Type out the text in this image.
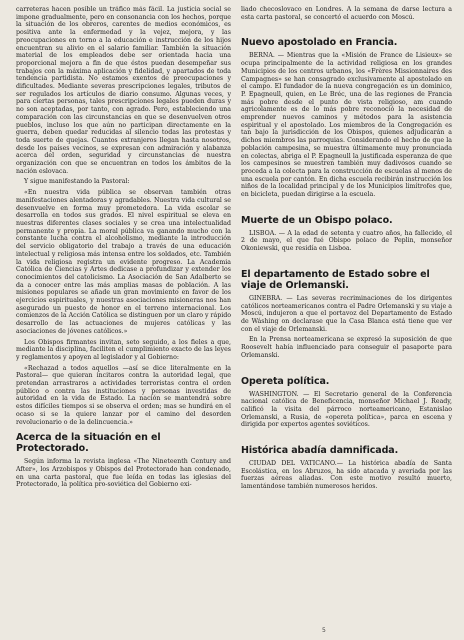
carreteras hacen posible un tráfico más fácil. La justicia social se impone gradualmente, pero en consonancia con los hechos, porque la situación de los obreros, carentes de medios económicos, es positiva ante la enfermedad y la vejez, mejora, y las preocupaciones en torno a la educación e instrucción de los hijos encuentran su alivio en el salario familiar. También la situación material de los empleados debe ser orientada hacia una proporcional mejora a fin de que éstos puedan desempeñar sus trabajos con la máxima aplicación y fidelidad, y apartados de toda tendencia partidista. No estamos exentos de preocupaciones y dificultades. Mediante severas prescripciones legales, tributos de ser regulados los artículos de diario consumo. Algunas veces, y para ciertas personas, tales prescripciones legales pueden duras y no son aceptadas, por tanto, con agrado. Pero, estableciendo una comparación con las circunstancias en que se desenvuelven otros pueblos, incluso los que aún no participan directamente en la guerra, deben quedar reducidas al silencio todas las protestas y toda suerte de quejas. Cuantos extranjeros llegan hasta nosotros, desde los países vecinos, se expresan con admiración y alabanza acerca del orden, seguridad y circunstancias de nuestra organización con que se encuentran en todos los ámbitos de la nación eslovaca.

Y sigue manifestando la Pastoral:

«En nuestra vida pública se observan también otras manifestaciones alentadoras y agradables. Nuestra vida cultural se desenvuelve en forma muy prometedora. La vida escolar se desarrolla en todos sus grados. El nivel espiritual se eleva en nuestras diferentes clases sociales y se crea una intelectualidad permanente y propia. La moral pública va ganando mucho con la constante lucha contra el alcoholismo, mediante la introducción del servicio obligatorio del trabajo a través de una educación intelectual y religiosa más intensa entre los soldados, etc. También la vida religiosa registra un evidente progreso. La Academia Católica de Ciencias y Artes dedicase a profundizar y extender los conocimientos del catolicismo. La Asociación de San Adalberto se da a conocer entre las más amplias masas de población. A las misiones populares se añade un gran movimiento en favor de los ejercicios espirituales, y nuestras asociaciones misioneras nos han asegurado un puesto de honor en el terreno internacional. Los comienzos de la Acción Católica se distinguen por un claro y rápido desarrollo de las actuaciones de mujeres católicas y las asociaciones de jóvenes católicos.»

Los Obispos firmantes invitan, seto seguido, a los fieles a que, mediante la disciplina, faciliten el cumplimiento exacto de las leyes y reglamentos y apoyen al legislador y al Gobierno:

«Rechazad a todos aquellos —así se dice literalmente en la Pastoral— que quieran incitaros contra la autoridad legal, que pretendan arrastraros a actividades terroristas contra el orden público o contra las instituciones y personas investidas de autoridad en la vida de Estado. La nación se mantendrá sobre estos difíciles tiempos si se observa el orden; mas se hundirá en el ocaso si se la quiere lanzar por el camino del desorden revolucionario o de la delincuencia.»

Acerca de la situación en el Protectorado.

Según informa la revista inglesa «The Nineteenth Century and After», los Arzobispos y Obispos del Protectorado han condenado, en una carta pastoral, que fue leída en todas las iglesias del Protectorado, la política pro-soviética del Gobierno exi-

liado checoslovaco en Londres. A la semana de darse lectura a esta carta pastoral, se concertó el acuerdo con Moscú.

Nuevo apostolado en Francia.

BERNA. — Mientras que la «Misión de France de Lisieux» se ocupa principalmente de la actividad religiosa en los grandes Municipios de los centros urbanos, los «Frères Missionnaires des Campagnes» se han consagrado exclusivamente al apostolado en el campo. El fundador de la nueva congregación es un dominico, P. Epagneull, quien, en Le Bréc, una de las regiones de Francia más pobre desde el punto de vista religioso, am cuando agricolamente es de lo más pobre reconoció la necesidad de emprender nuevos caminos y métodos para la asistencia espiritual y el apostolado. Los miembros de la Congregación es tan bajo la jurisdicción de los Obispos, quienes adjudicarán a dichos miembros las parroquias. Considerando el hecho de que la población campesina, se muestra últimamente muy pronunciada en colectas, abriga el P. Epagneull la justificada esperanza de que los campesinos se muestren también muy dadivosos cuando se proceda a la colecta para la construcción de escuelas al menos de una escuela por cantón. En dicha escuela recibirán instrucción los niños de la localidad principal y de los Municipios limítrofes que, en bicicleta, puedan dirigirse a la escuela.

Muerte de un Obispo polaco.

LISBOA. — A la edad de setenta y cuatro años, ha fallecido, el 2 de mayo, el que fué Obispo polaco de Peplin, monseñor Okoniewski, que residía en Lisboa.

El departamento de Estado sobre el viaje de Orlemanski.

GINEBRA. — Las severas recriminaciones de los dirigentes católicos norteamericanos contra el Padre Orlemanski y su viaje a Moscú, indujeron a que el portavoz del Departamento de Estado de Wáshing on declarase que la Casa Blanca está tiene que ver con el viaje de Orlemanski.

En la Prensa norteamericana se expresó la suposición de que Roosevelt había influenciado para conseguir el pasaporte para Orlemanski.

Opereta política.

WASHINGTON. — El Secretario general de la Conferencia nacional católica de Beneficencia, monseñor Michael J. Ready, calificó la visita del párroco norteamericano, Estanislao Orlemanski, a Rusia, de «opereta política», parca en escena y dirigida por expertos agentes soviéticos.

Histórica abadía damnificada.

CIUDAD DEL VATICANO.— La histórica abadía de Santa Escolástica, en los Abruzos, ha sido atacada y averiada por las fuerzas aéreas aliadas. Con este motivo resultó muerto, lamentándose también numerosos heridos.

5
